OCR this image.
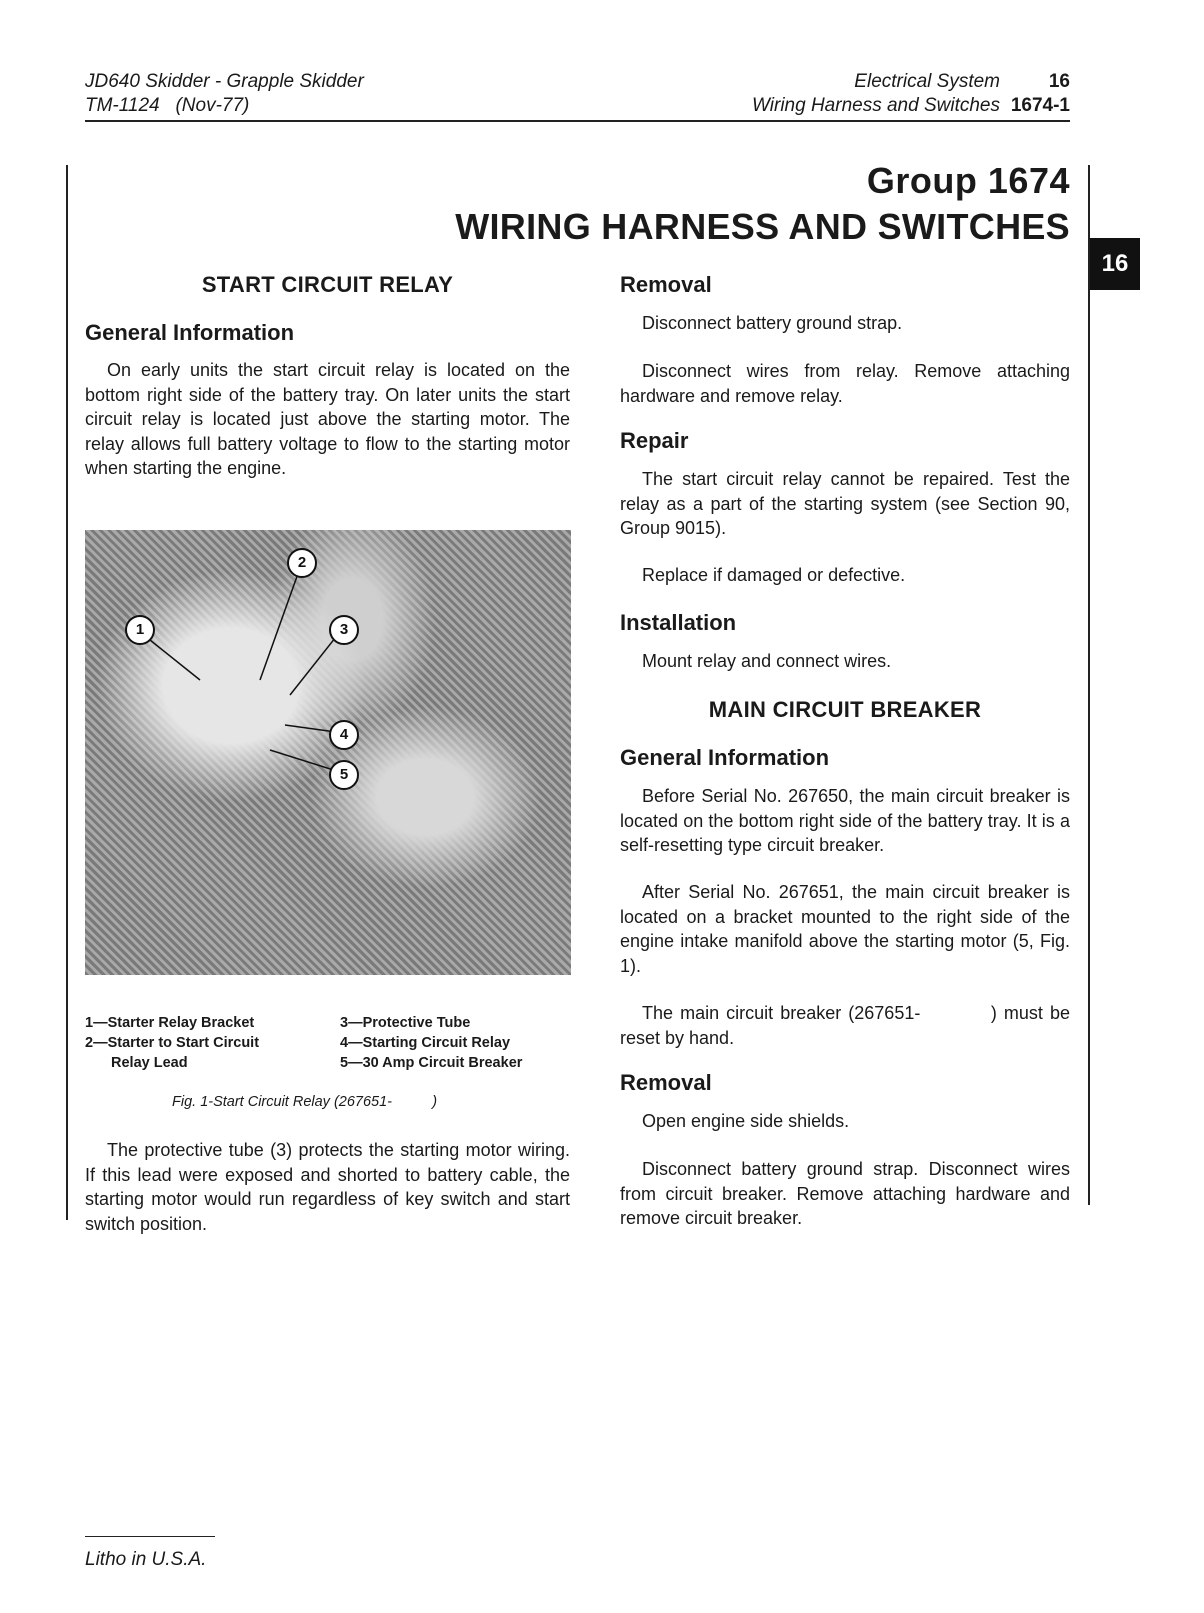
JD640 Skidder - Grapple Skidder
TM-1124   (Nov-77)
Electrical System
Wiring Harness and Switches
16
1674-1
16
Group 1674
WIRING HARNESS AND SWITCHES
START CIRCUIT RELAY
General Information

On early units the start circuit relay is located on the bottom right side of the battery tray. On later units the start circuit relay is located just above the starting motor. The relay allows full battery voltage to flow to the starting motor when starting the engine.

1
2
3
4
5
1—Starter Relay Bracket
2—Starter to Start Circuit
Relay Lead
3—Protective Tube
4—Starting Circuit Relay
5—30 Amp Circuit Breaker
Fig. 1-Start Circuit Relay (267651-          )

The protective tube (3) protects the starting motor wiring. If this lead were exposed and shorted to battery cable, the starting motor would run regardless of key switch and start switch position.

Removal

Disconnect battery ground strap.

Disconnect wires from relay. Remove attaching hardware and remove relay.

Repair

The start circuit relay cannot be repaired. Test the relay as a part of the starting system (see Section 90, Group 9015).

Replace if damaged or defective.

Installation

Mount relay and connect wires.

MAIN CIRCUIT BREAKER
General Information

Before Serial No. 267650, the main circuit breaker is located on the bottom right side of the battery tray. It is a self-resetting type circuit breaker.

After Serial No. 267651, the main circuit breaker is located on a bracket mounted to the right side of the engine intake manifold above the starting motor (5, Fig. 1).

The main circuit breaker (267651-          ) must be reset by hand.

Removal

Open engine side shields.

Disconnect battery ground strap. Disconnect wires from circuit breaker. Remove attaching hardware and remove circuit breaker.

Litho in U.S.A.
